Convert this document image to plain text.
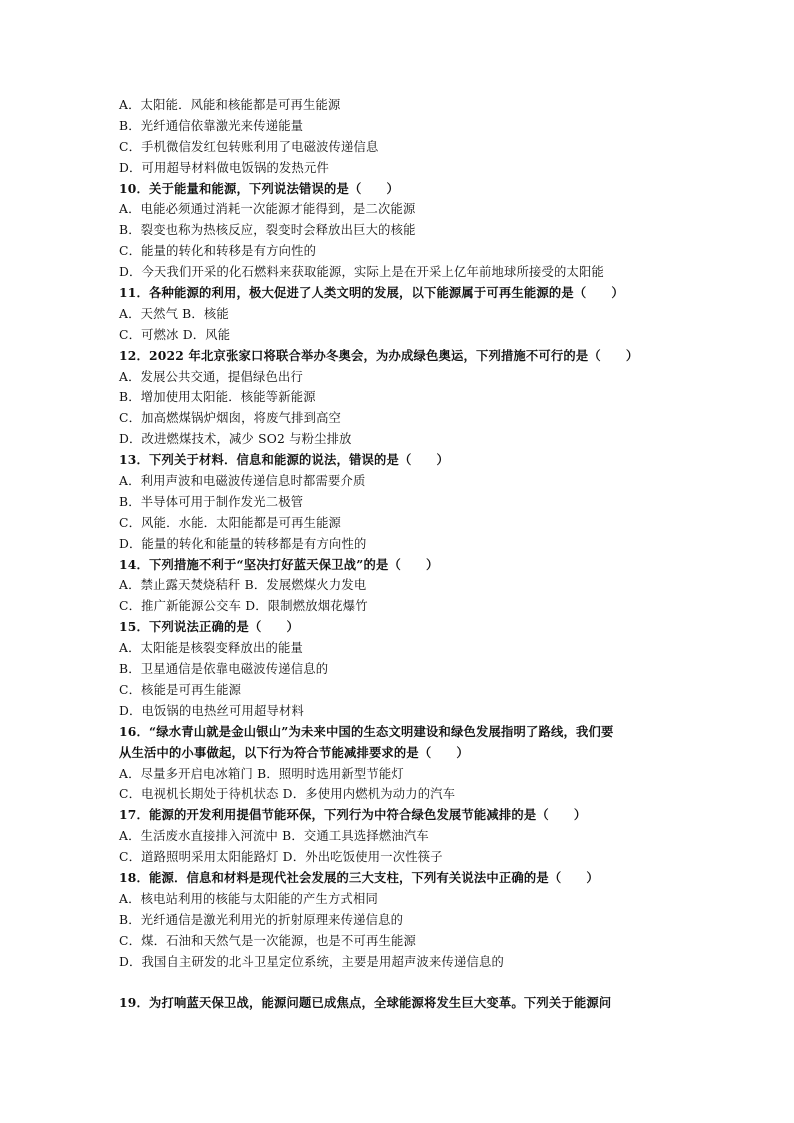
A．太阳能．风能和核能都是可再生能源
B．光纤通信依靠激光来传递能量
C．手机微信发红包转账利用了电磁波传递信息
D．可用超导材料做电饭锅的发热元件
10．关于能量和能源，下列说法错误的是（　　）
A．电能必须通过消耗一次能源才能得到，是二次能源
B．裂变也称为热核反应，裂变时会释放出巨大的核能
C．能量的转化和转移是有方向性的
D．今天我们开采的化石燃料来获取能源，实际上是在开采上亿年前地球所接受的太阳能
11．各种能源的利用，极大促进了人类文明的发展，以下能源属于可再生能源的是（　　）
A．天然气 B．核能
C．可燃冰 D．风能
12．2022 年北京张家口将联合举办冬奥会，为办成绿色奥运，下列措施不可行的是（　　）
A．发展公共交通，提倡绿色出行
B．增加使用太阳能．核能等新能源
C．加高燃煤锅炉烟囱，将废气排到高空
D．改进燃煤技术，减少 SO2 与粉尘排放
13．下列关于材料．信息和能源的说法，错误的是（　　）
A．利用声波和电磁波传递信息时都需要介质
B．半导体可用于制作发光二极管
C．风能．水能．太阳能都是可再生能源
D．能量的转化和能量的转移都是有方向性的
14．下列措施不利于“坚决打好蓝天保卫战”的是（　　）
A．禁止露天焚烧秸秆 B．发展燃煤火力发电
C．推广新能源公交车 D．限制燃放烟花爆竹
15．下列说法正确的是（　　）
A．太阳能是核裂变释放出的能量
B．卫星通信是依靠电磁波传递信息的
C．核能是可再生能源
D．电饭锅的电热丝可用超导材料
16．“绿水青山就是金山银山”为未来中国的生态文明建设和绿色发展指明了路线，我们要
从生活中的小事做起，以下行为符合节能减排要求的是（　　）
A．尽量多开启电冰箱门 B．照明时选用新型节能灯
C．电视机长期处于待机状态 D．多使用内燃机为动力的汽车
17．能源的开发利用提倡节能环保，下列行为中符合绿色发展节能减排的是（　　）
A．生活废水直接排入河流中 B．交通工具选择燃油汽车
C．道路照明采用太阳能路灯 D．外出吃饭使用一次性筷子
18．能源．信息和材料是现代社会发展的三大支柱，下列有关说法中正确的是（　　）
A．核电站利用的核能与太阳能的产生方式相同
B．光纤通信是激光利用光的折射原理来传递信息的
C．煤．石油和天然气是一次能源，也是不可再生能源
D．我国自主研发的北斗卫星定位系统，主要是用超声波来传递信息的
19．为打响蓝天保卫战，能源问题已成焦点，全球能源将发生巨大变革。下列关于能源问
